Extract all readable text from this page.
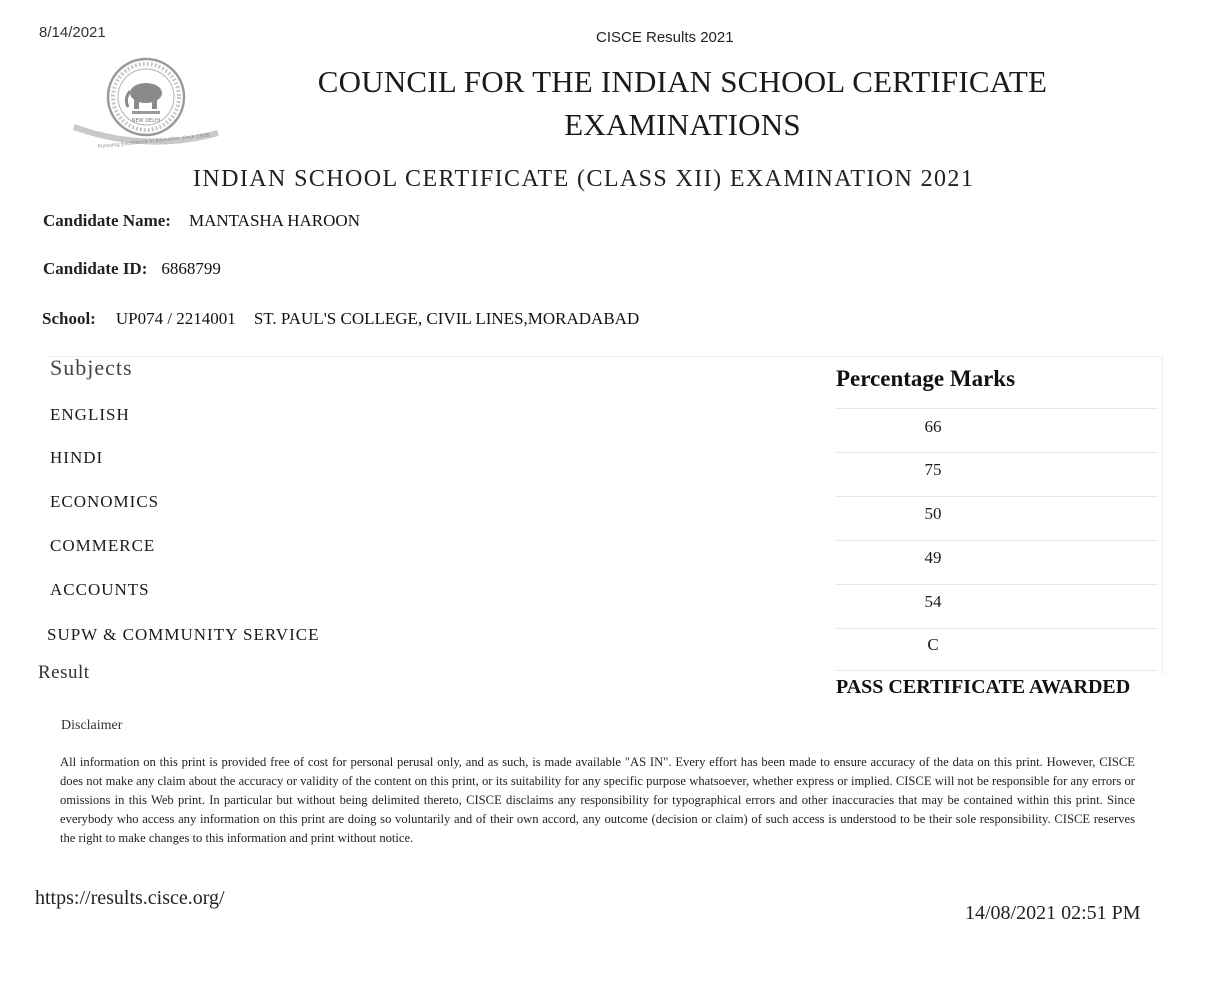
8/14/2021	CISCE Results 2021
NEW DELHI
Pursuing Excellence in Education since 1958
COUNCIL FOR THE INDIAN SCHOOL CERTIFICATE EXAMINATIONS
INDIAN SCHOOL CERTIFICATE (CLASS XII) EXAMINATION 2021
Candidate Name: MANTASHA HAROON
Candidate ID: 6868799
School: UP074 / 2214001 ST. PAUL'S COLLEGE, CIVIL LINES,MORADABAD
Subjects	Percentage Marks
ENGLISH
66
HINDI
75
ECONOMICS
50
COMMERCE
49
ACCOUNTS
54
SUPW & COMMUNITY SERVICE
C
Result
PASS CERTIFICATE AWARDED
Disclaimer
All information on this print is provided free of cost for personal perusal only, and as such, is made available "AS IN". Every effort has been made to ensure accuracy of the data on this print. However, CISCE does not make any claim about the accuracy or validity of the content on this print, or its suitability for any specific purpose whatsoever, whether express or implied. CISCE will not be responsible for any errors or omissions in this Web print. In particular but without being delimited thereto, CISCE disclaims any responsibility for typographical errors and other inaccuracies that may be contained within this print. Since everybody who access any information on this print are doing so voluntarily and of their own accord, any outcome (decision or claim) of such access is understood to be their sole responsibility. CISCE reserves the right to make changes to this information and print without notice.
https://results.cisce.org/
14/08/2021 02:51 PM
